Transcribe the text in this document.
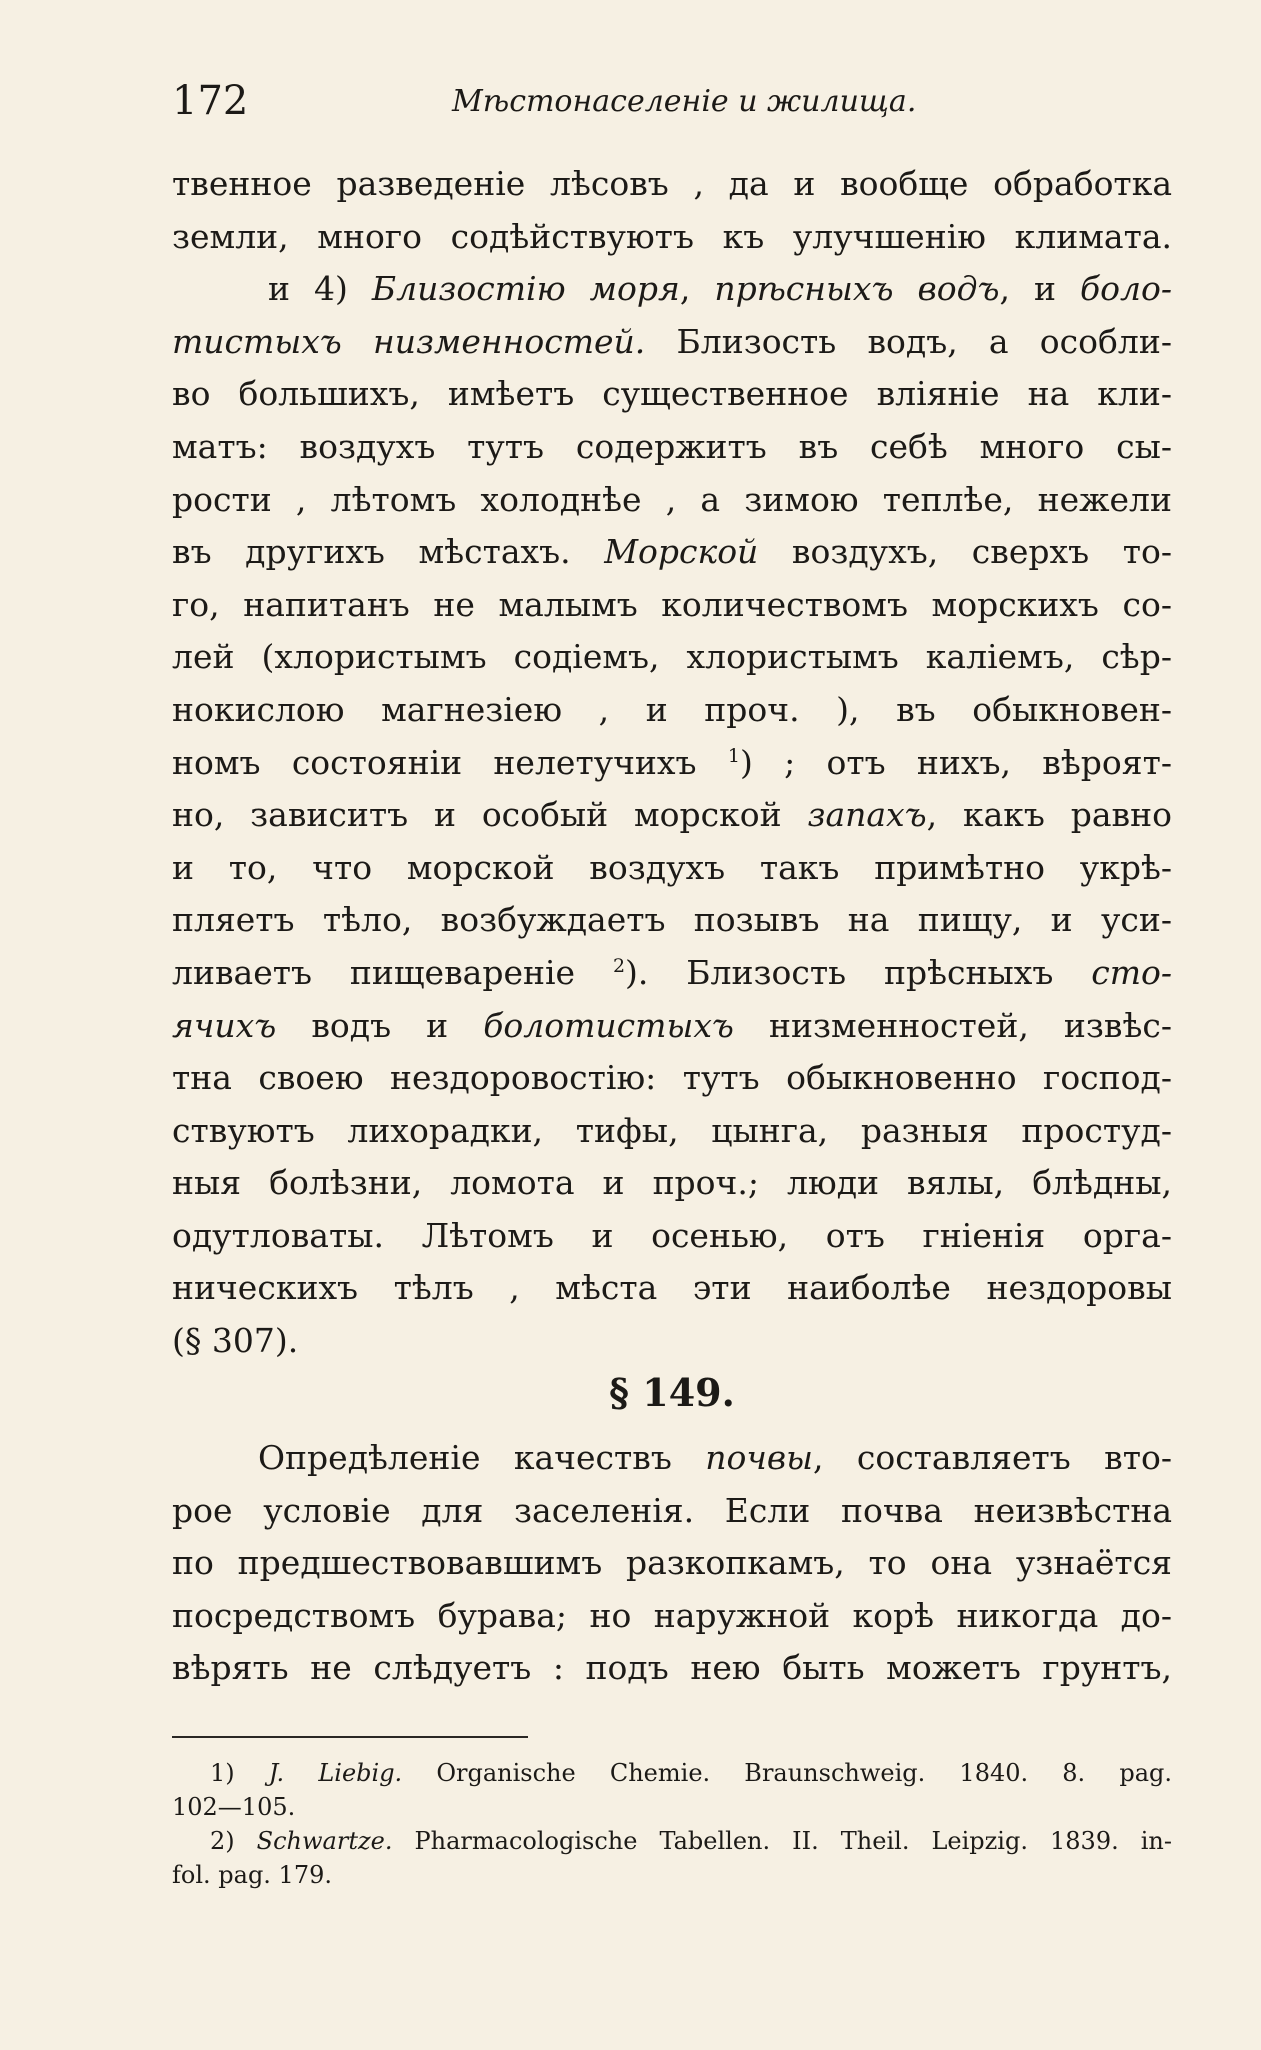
172	Мѣстонаселеніе и жилища.
твенное разведеніе лѣсовъ , да и вообще обработка
земли, много содѣйствуютъ къ улучшенію климата.
и 4) Близостію моря, прѣсныхъ водъ, и боло-
тистыхъ низменностей. Близость водъ, а особли-
во большихъ, имѣетъ существенное вліяніе на кли-
матъ: воздухъ тутъ содержитъ въ себѣ много сы-
рости , лѣтомъ холоднѣе , а зимою теплѣе, нежели
въ другихъ мѣстахъ. Морской воздухъ, сверхъ то-
го, напитанъ не малымъ количествомъ морскихъ со-
лей (хлористымъ содіемъ, хлористымъ каліемъ, сѣр-
нокислою магнезіею , и проч. ), въ обыкновен-
номъ состояніи нелетучихъ $^1$) ; отъ нихъ, вѣроят-
но, зависитъ и особый морской запахъ, какъ равно
и то, что морской воздухъ такъ примѣтно укрѣ-
пляетъ тѣло, возбуждаетъ позывъ на пищу, и уси-
ливаетъ пищевареніе $^2$). Близость прѣсныхъ сто-
ячихъ водъ и болотистыхъ низменностей, извѣс-
тна своею нездоровостію: тутъ обыкновенно господ-
ствуютъ лихорадки, тифы, цынга, разныя простуд-
ныя болѣзни, ломота и проч.; люди вялы, блѣдны,
одутловаты. Лѣтомъ и осенью, отъ гніенія орга-
ническихъ тѣлъ , мѣста эти наиболѣе нездоровы
(§ 307).
§ 149.
Опредѣленіе качествъ почвы, составляетъ вто-
рое условіе для заселенія. Если почва неизвѣстна
по предшествовавшимъ разкопкамъ, то она узнаётся
посредствомъ бурава; но наружной корѣ никогда до-
вѣрять не слѣдуетъ : подъ нею быть можетъ грунтъ,
1) J. Liebig. Organische Chemie. Braunschweig. 1840. 8. pag.
102—105.
2) Schwartze. Pharmacologische Tabellen. II. Theil. Leipzig. 1839. in-
fol. pag. 179.
